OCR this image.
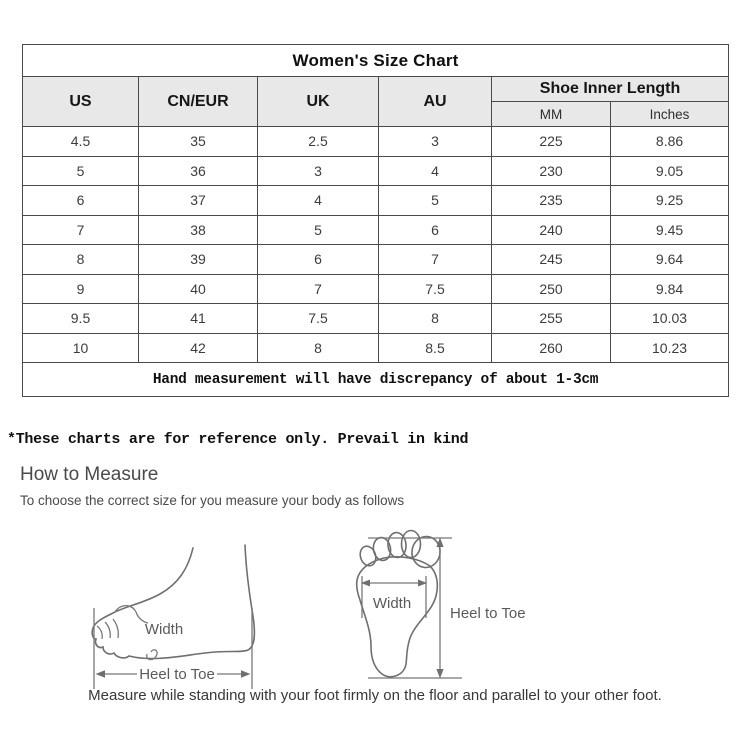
Women's Size Chart					
US	CN/EUR	UK	AU	Shoe Inner Length	
				MM	Inches
4.5	35	2.5	3	225	8.86
5	36	3	4	230	9.05
6	37	4	5	235	9.25
7	38	5	6	240	9.45
8	39	6	7	245	9.64
9	40	7	7.5	250	9.84
9.5	41	7.5	8	255	10.03
10	42	8	8.5	260	10.23
Hand measurement will have discrepancy of about 1-3cm					

*These charts are for reference only. Prevail in kind

How to Measure

To choose the correct size for you measure your body as follows

Heel to Toe
Width
Width
Heel to Toe

Measure while standing with your foot firmly on the floor and parallel to your other foot.
